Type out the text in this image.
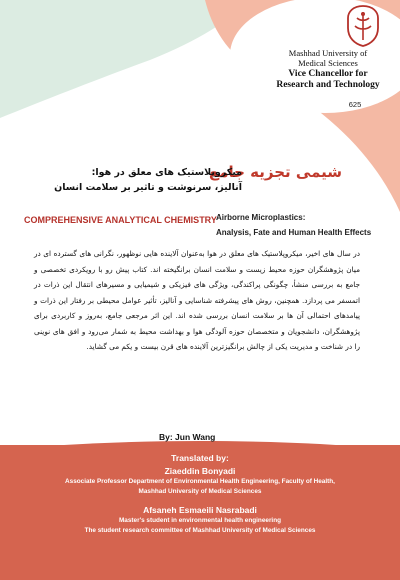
Mashhad University of
Medical Sciences
Vice Chancellor for
Research and Technology
625
شیمی تجزیه جامع
میکروپلاستیک های معلق در هوا:
آنالیز، سرنوشت و تاثیر بر سلامت انسان
COMPREHENSIVE ANALYTICAL CHEMISTRY Airborne Microplastics:
Analysis, Fate and Human Health Effects
در سال های اخیر، میکروپلاستیک های معلق در هوا به‌عنوان آلاینده هایی نوظهور، نگرانی های گسترده ای در میان پژوهشگران حوزه محیط زیست و سلامت انسان برانگیخته اند. کتاب پیش رو با رویکردی تخصصی و جامع به بررسی منشأ، چگونگی پراکندگی، ویژگی های فیزیکی و شیمیایی و مسیرهای انتقال این ذرات در اتمسفر می پردازد. همچنین، روش های پیشرفته شناسایی و آنالیز، تأثیر عوامل محیطی بر رفتار این ذرات و پیامدهای احتمالی آن ها بر سلامت انسان بررسی شده اند. این اثر مرجعی جامع، به‌روز و کاربردی برای پژوهشگران، دانشجویان و متخصصان حوزه آلودگی هوا و بهداشت محیط به شمار می‌رود و افق های نوینی را در شناخت و مدیریت یکی از چالش برانگیزترین آلاینده های قرن بیست و یکم می گشاید.
By: Jun Wang
Translated by:
Ziaeddin Bonyadi
Associate Professor Department of Environmental Health Engineering, Faculty of Health,
Mashhad University of Medical Sciences
Afsaneh Esmaeili Nasrabadi
Master's student in environmental health engineering
The student research committee of Mashhad University of Medical Sciences
